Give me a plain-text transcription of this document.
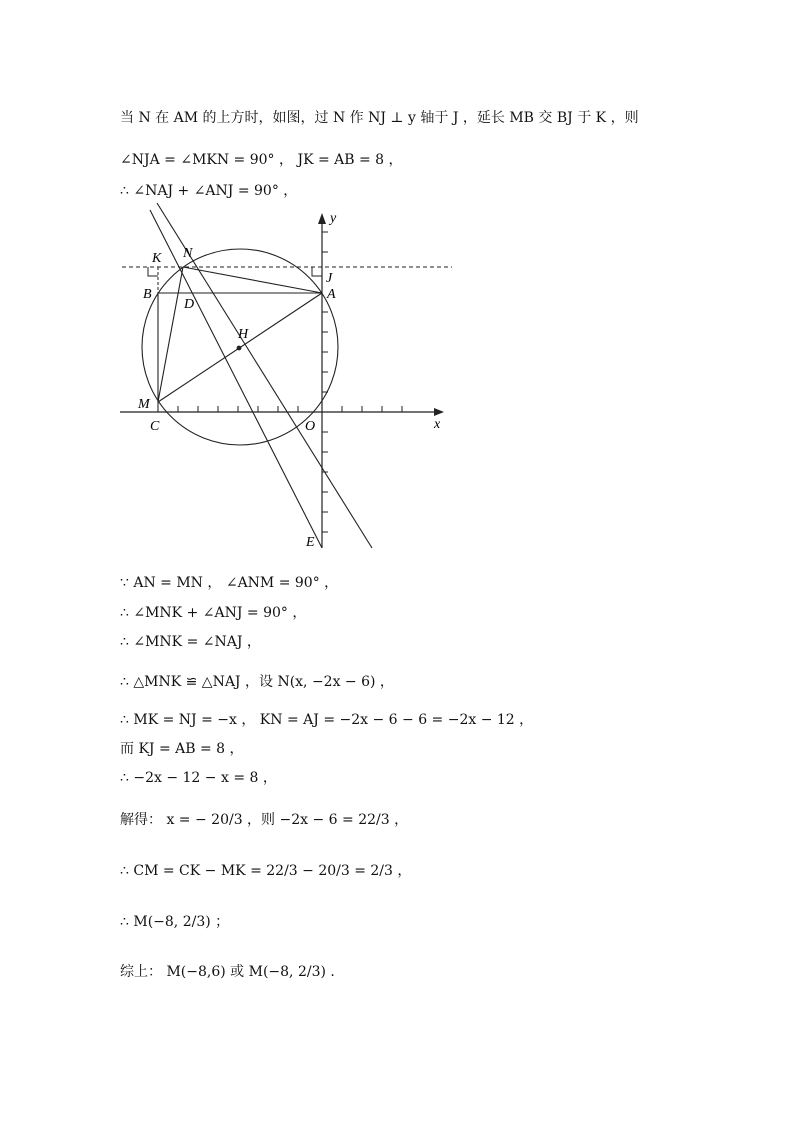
当 N 在 AM 的上方时，如图，过 N 作 NJ ⊥ y 轴于 J ，延长 MB 交 BJ 于 K ，则
∠NJA = ∠MKN = 90° ， JK = AB = 8 ，
∴ ∠NAJ + ∠ANJ = 90° ，
K N
J
B
D
A
H
M
C	O
E
x
y
∵ AN = MN ， ∠ANM = 90° ，
∴ ∠MNK + ∠ANJ = 90° ，
∴ ∠MNK = ∠NAJ ，
∴ △MNK ≌ △NAJ ，设 N(x, −2x − 6) ，
∴ MK = NJ = −x ， KN = AJ = −2x − 6 − 6 = −2x − 12 ，
而 KJ = AB = 8 ，
∴ −2x − 12 − x = 8 ，
解得： x = − 20/3 ，则 −2x − 6 = 22/3 ，
∴ CM = CK − MK = 22/3 − 20/3 = 2/3 ，
∴ M(−8, 2/3) ；
综上： M(−8,6) 或 M(−8, 2/3) .
